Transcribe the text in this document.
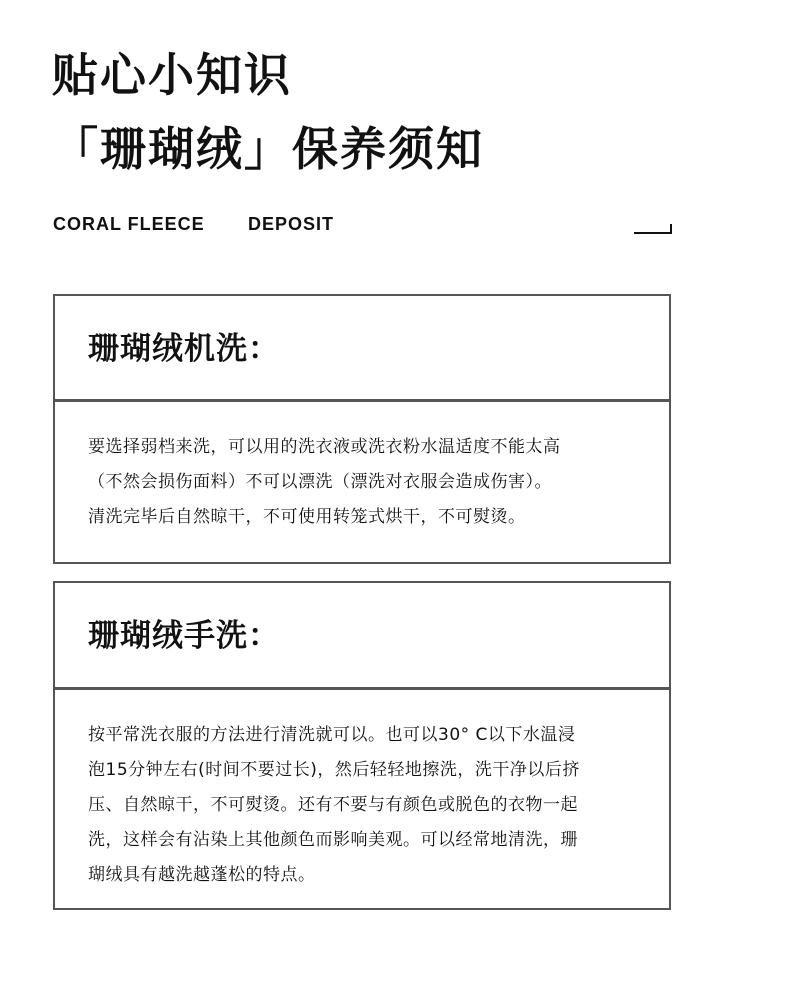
贴心小知识
「珊瑚绒」保养须知
CORAL FLEECE DEPOSIT
珊瑚绒机洗：
要选择弱档来洗，可以用的洗衣液或洗衣粉水温适度不能太高
（不然会损伤面料）不可以漂洗（漂洗对衣服会造成伤害）。
清洗完毕后自然晾干，不可使用转笼式烘干，不可熨烫。
珊瑚绒手洗：
按平常洗衣服的方法进行清洗就可以。也可以30° C以下水温浸
泡15分钟左右(时间不要过长)，然后轻轻地擦洗，洗干净以后挤
压、自然晾干，不可熨烫。还有不要与有颜色或脱色的衣物一起
洗，这样会有沾染上其他颜色而影响美观。可以经常地清洗，珊
瑚绒具有越洗越蓬松的特点。
